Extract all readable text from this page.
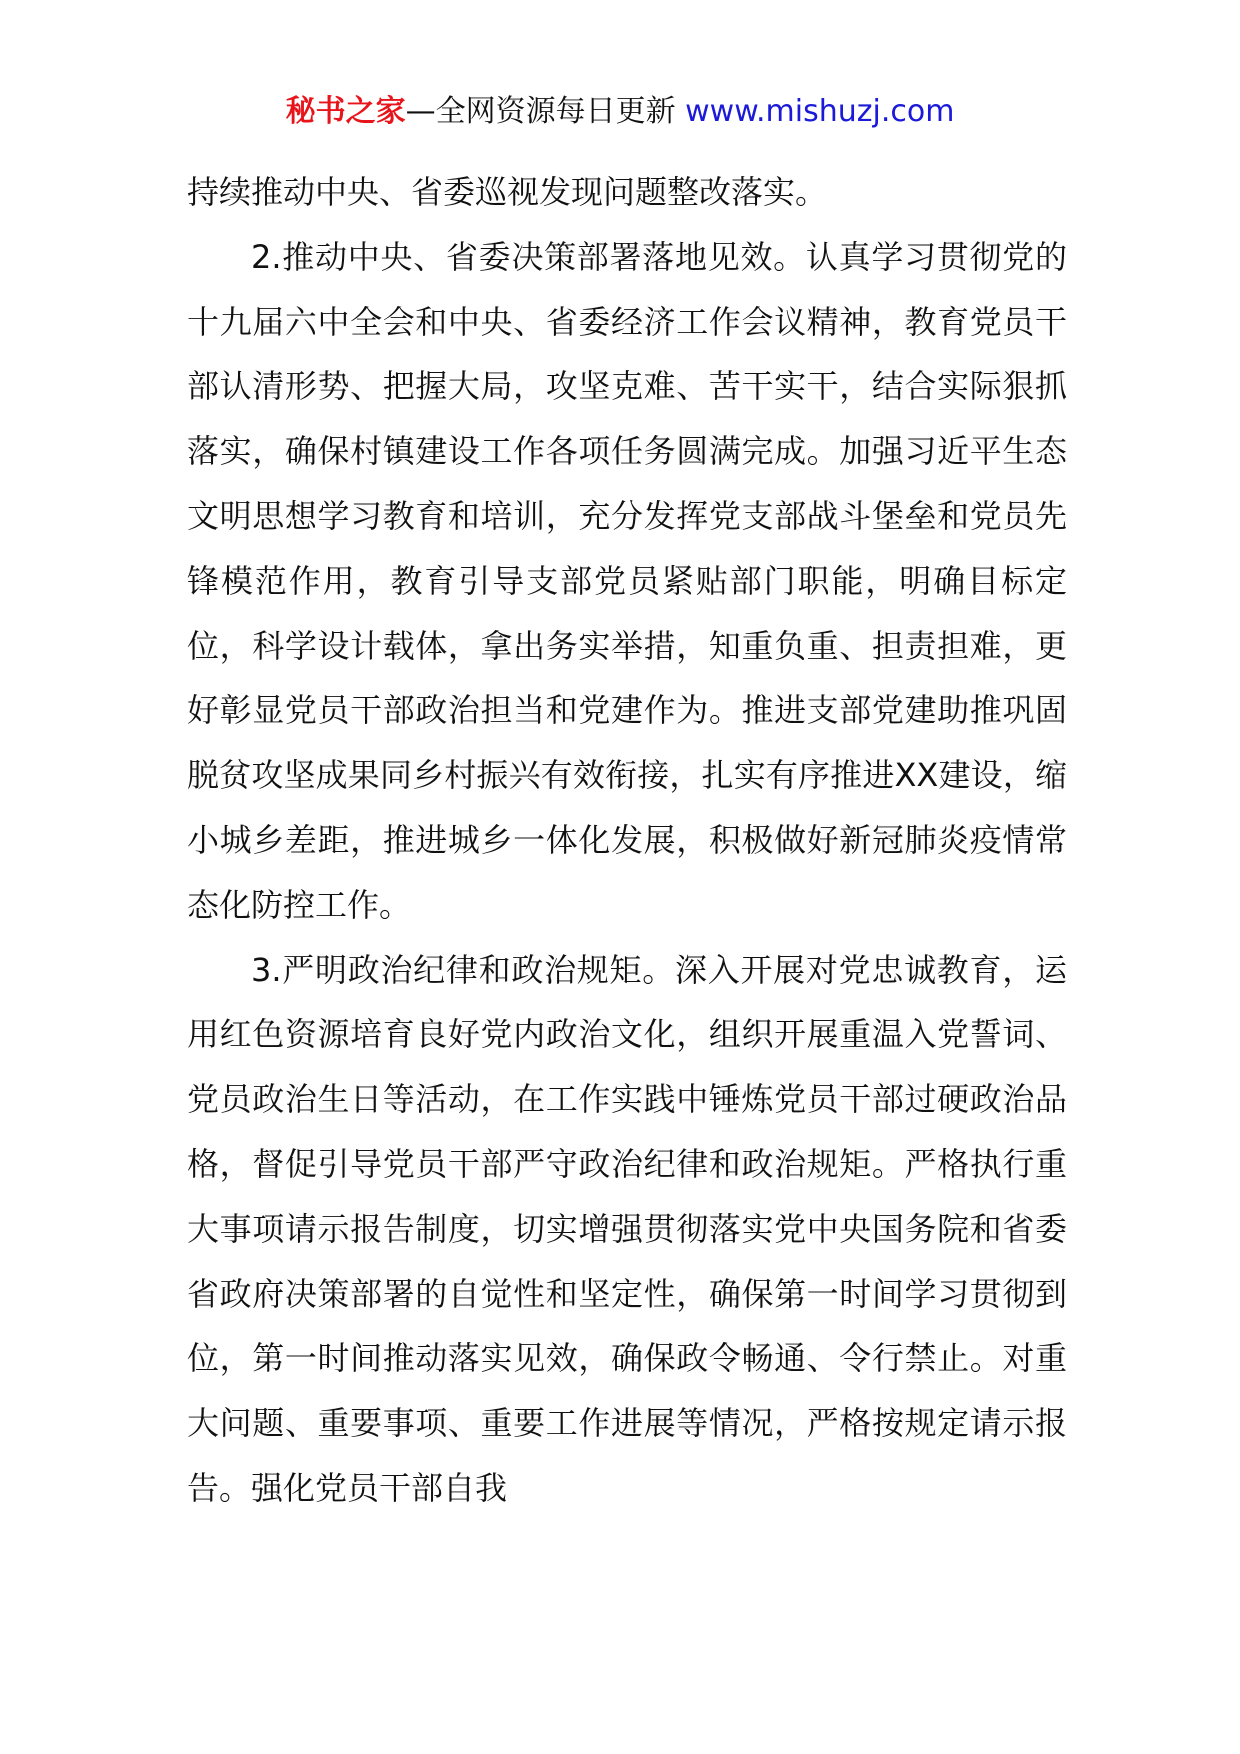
秘书之家—全网资源每日更新 www.mishuzj.com

持续推动中央、省委巡视发现问题整改落实。

2.推动中央、省委决策部署落地见效。认真学习贯彻党的十九届六中全会和中央、省委经济工作会议精神，教育党员干部认清形势、把握大局，攻坚克难、苦干实干，结合实际狠抓落实，确保村镇建设工作各项任务圆满完成。加强习近平生态文明思想学习教育和培训，充分发挥党支部战斗堡垒和党员先锋模范作用，教育引导支部党员紧贴部门职能，明确目标定位，科学设计载体，拿出务实举措，知重负重、担责担难，更好彰显党员干部政治担当和党建作为。推进支部党建助推巩固脱贫攻坚成果同乡村振兴有效衔接，扎实有序推进XX建设，缩小城乡差距，推进城乡一体化发展，积极做好新冠肺炎疫情常态化防控工作。

3.严明政治纪律和政治规矩。深入开展对党忠诚教育，运用红色资源培育良好党内政治文化，组织开展重温入党誓词、党员政治生日等活动，在工作实践中锤炼党员干部过硬政治品格，督促引导党员干部严守政治纪律和政治规矩。严格执行重大事项请示报告制度，切实增强贯彻落实党中央国务院和省委省政府决策部署的自觉性和坚定性，确保第一时间学习贯彻到位，第一时间推动落实见效，确保政令畅通、令行禁止。对重大问题、重要事项、重要工作进展等情况，严格按规定请示报告。强化党员干部自我
